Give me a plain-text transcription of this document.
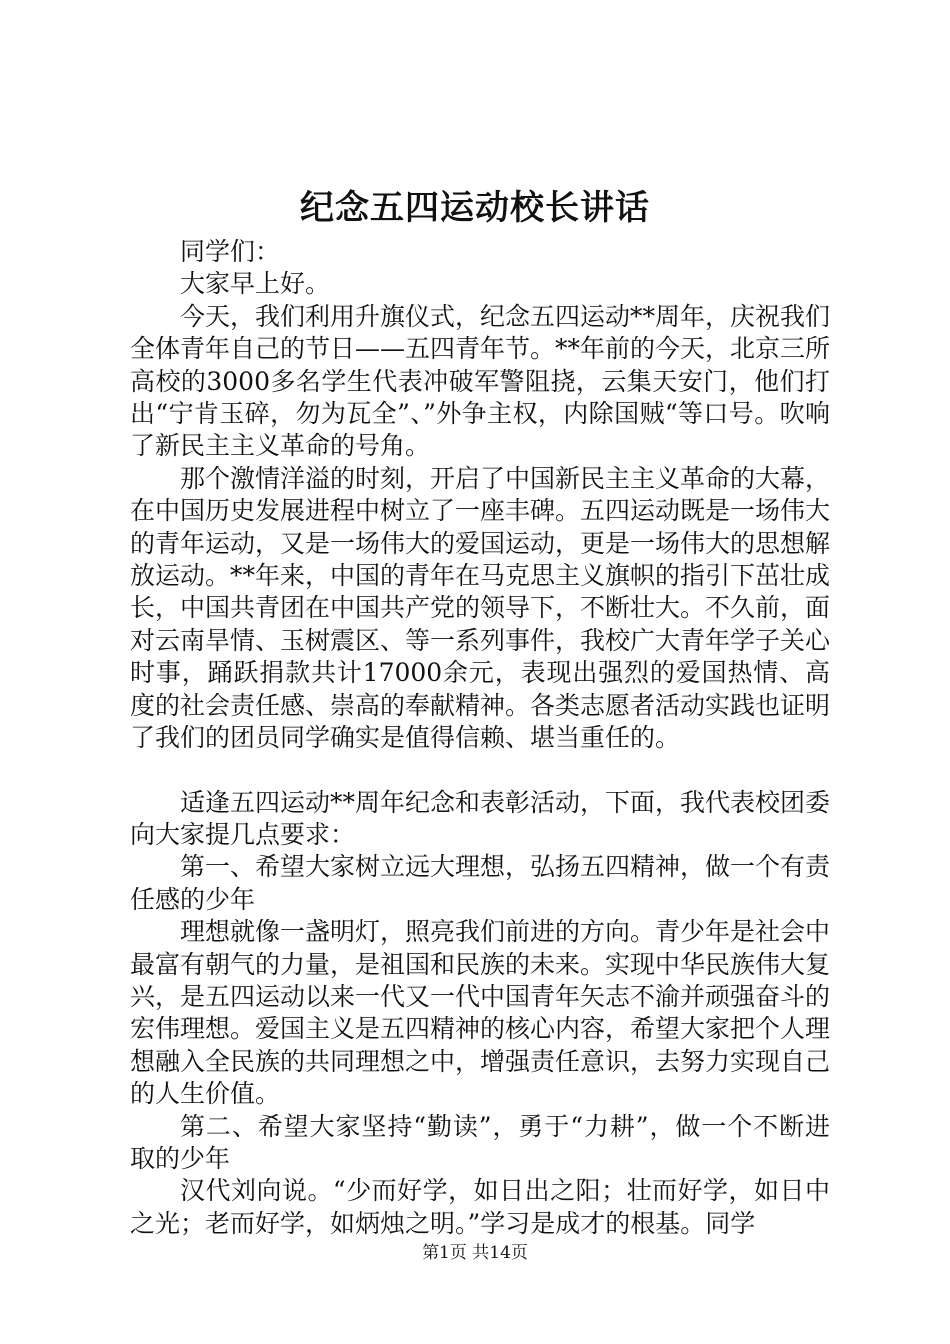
纪念五四运动校长讲话

同学们：

大家早上好。

今天，我们利用升旗仪式，纪念五四运动**周年，庆祝我们全体青年自己的节日——五四青年节。**年前的今天，北京三所高校的3000多名学生代表冲破军警阻挠，云集天安门，他们打出“宁肯玉碎，勿为瓦全”、”外争主权，内除国贼“等口号。吹响了新民主主义革命的号角。

那个激情洋溢的时刻，开启了中国新民主主义革命的大幕，在中国历史发展进程中树立了一座丰碑。五四运动既是一场伟大的青年运动，又是一场伟大的爱国运动，更是一场伟大的思想解放运动。**年来，中国的青年在马克思主义旗帜的指引下茁壮成长，中国共青团在中国共产党的领导下，不断壮大。不久前，面对云南旱情、玉树震区、等一系列事件，我校广大青年学子关心时事，踊跃捐款共计17000余元，表现出强烈的爱国热情、高度的社会责任感、崇高的奉献精神。各类志愿者活动实践也证明了我们的团员同学确实是值得信赖、堪当重任的。

适逢五四运动**周年纪念和表彰活动，下面，我代表校团委向大家提几点要求：

第一、希望大家树立远大理想，弘扬五四精神，做一个有责任感的少年

理想就像一盏明灯，照亮我们前进的方向。青少年是社会中最富有朝气的力量，是祖国和民族的未来。实现中华民族伟大复兴，是五四运动以来一代又一代中国青年矢志不渝并顽强奋斗的宏伟理想。爱国主义是五四精神的核心内容，希望大家把个人理想融入全民族的共同理想之中，增强责任意识，去努力实现自己的人生价值。

第二、希望大家坚持“勤读”，勇于“力耕”，做一个不断进取的少年

汉代刘向说。“少而好学，如日出之阳；壮而好学，如日中之光；老而好学，如炳烛之明。”学习是成才的根基。同学

第1页 共14页
